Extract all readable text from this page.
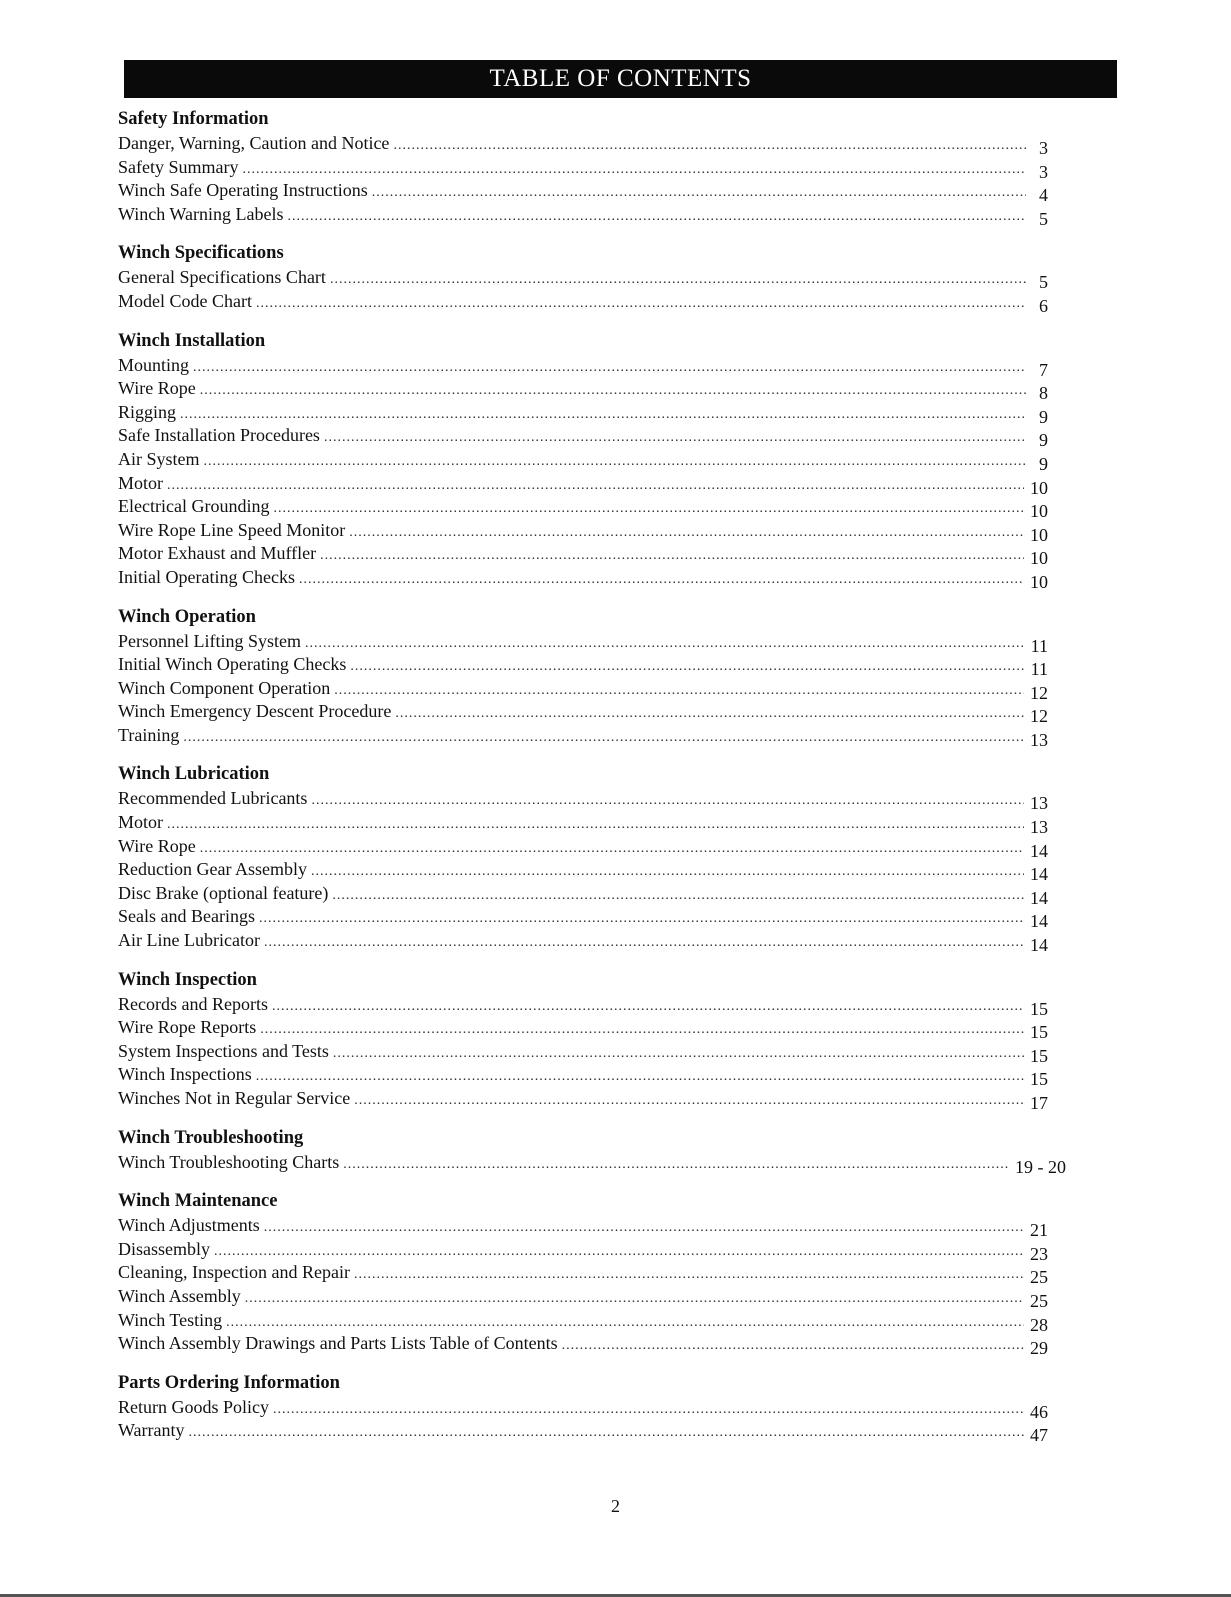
TABLE OF CONTENTS
Safety Information
Danger, Warning, Caution and Notice .....	3
Safety Summary .....	3
Winch Safe Operating Instructions .....	4
Winch Warning Labels .....	5
Winch Specifications
General Specifications Chart .....	5
Model Code Chart .....	6
Winch Installation
Mounting .....	7
Wire Rope .....	8
Rigging .....	9
Safe Installation Procedures .....	9
Air System .....	9
Motor .....	10
Electrical Grounding .....	10
Wire Rope Line Speed Monitor .....	10
Motor Exhaust and Muffler .....	10
Initial Operating Checks .....	10
Winch Operation
Personnel Lifting System .....	11
Initial Winch Operating Checks .....	11
Winch Component Operation .....	12
Winch Emergency Descent Procedure .....	12
Training .....	13
Winch Lubrication
Recommended Lubricants .....	13
Motor .....	13
Wire Rope .....	14
Reduction Gear Assembly .....	14
Disc Brake (optional feature) .....	14
Seals and Bearings .....	14
Air Line Lubricator .....	14
Winch Inspection
Records and Reports .....	15
Wire Rope Reports .....	15
System Inspections and Tests .....	15
Winch Inspections .....	15
Winches Not in Regular Service .....	17
Winch Troubleshooting
Winch Troubleshooting Charts .....	19 - 20
Winch Maintenance
Winch Adjustments .....	21
Disassembly .....	23
Cleaning, Inspection and Repair .....	25
Winch Assembly .....	25
Winch Testing .....	28
Winch Assembly Drawings and Parts Lists Table of Contents .....	29
Parts Ordering Information
Return Goods Policy .....	46
Warranty .....	47
2
